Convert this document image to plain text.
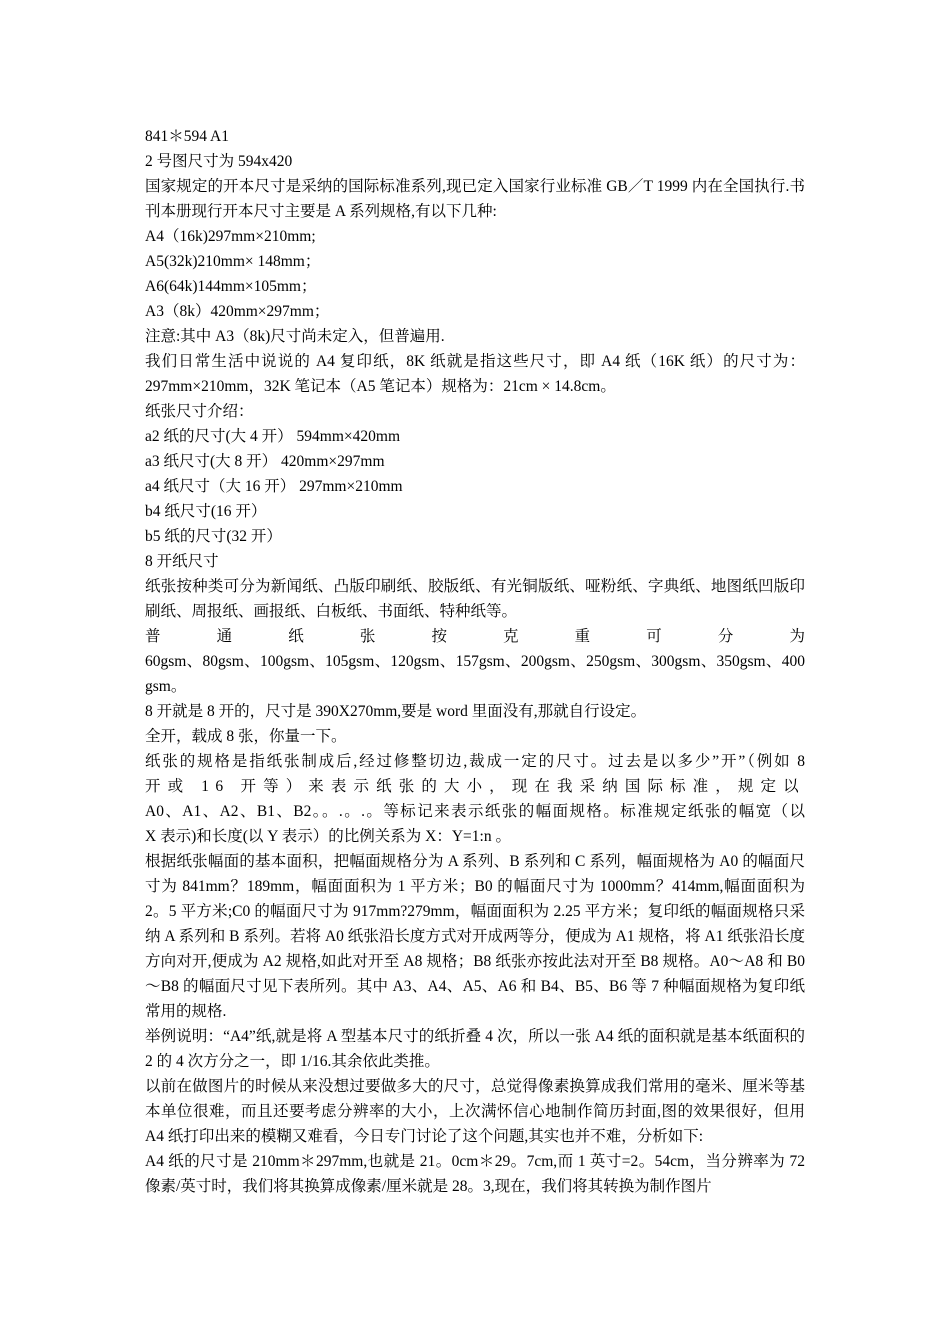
841＊594 A1

2 号图尺寸为 594x420

国家规定的开本尺寸是采纳的国际标准系列,现已定入国家行业标准 GB／T 1999 内在全国执行.书刊本册现行开本尺寸主要是 A 系列规格,有以下几种:

A4（16k)297mm×210mm;

A5(32k)210mm× 148mm；

A6(64k)144mm×105mm；

A3（8k）420mm×297mm；

注意:其中 A3（8k)尺寸尚未定入，但普遍用.

我们日常生活中说说的 A4 复印纸，8K 纸就是指这些尺寸，即 A4 纸（16K 纸）的尺寸为：297mm×210mm，32K 笔记本（A5 笔记本）规格为：21cm × 14.8cm。

纸张尺寸介绍：

a2 纸的尺寸(大 4 开） 594mm×420mm

a3 纸尺寸(大 8 开） 420mm×297mm

a4 纸尺寸（大 16 开） 297mm×210mm

b4 纸尺寸(16 开）

b5 纸的尺寸(32 开）

8 开纸尺寸

纸张按种类可分为新闻纸、凸版印刷纸、胶版纸、有光铜版纸、哑粉纸、字典纸、地图纸凹版印刷纸、周报纸、画报纸、白板纸、书面纸、特种纸等。

普通纸张按克重可分为

60gsm、80gsm、100gsm、105gsm、120gsm、157gsm、200gsm、250gsm、300gsm、350gsm、400gsm。

8 开就是 8 开的，尺寸是 390X270mm,要是 word 里面没有,那就自行设定。

全开，载成 8 张，你量一下。

纸张的规格是指纸张制成后,经过修整切边,裁成一定的尺寸。过去是以多少”开”（例如 8

开或 16 开等）来表示纸张的大小，现在我采纳国际标准，规定以

A0、A1、A2、B1、B2。。.。.。等标记来表示纸张的幅面规格。标准规定纸张的幅宽（以

X 表示)和长度(以 Y 表示）的比例关系为 X：Y=1:n 。

根据纸张幅面的基本面积，把幅面规格分为 A 系列、B 系列和 C 系列，幅面规格为 A0 的幅面尺寸为 841mm？189mm，幅面面积为 1 平方米；B0 的幅面尺寸为 1000mm？414mm,幅面面积为 2。5 平方米;C0 的幅面尺寸为 917mm?279mm，幅面面积为 2.25 平方米；复印纸的幅面规格只采纳 A 系列和 B 系列。若将 A0 纸张沿长度方式对开成两等分，便成为 A1 规格，将 A1 纸张沿长度方向对开,便成为 A2 规格,如此对开至 A8 规格；B8 纸张亦按此法对开至 B8 规格。A0～A8 和 B0～B8 的幅面尺寸见下表所列。其中 A3、A4、A5、A6 和 B4、B5、B6 等 7 种幅面规格为复印纸常用的规格.

举例说明：“A4”纸,就是将 A 型基本尺寸的纸折叠 4 次，所以一张 A4 纸的面积就是基本纸面积的 2 的 4 次方分之一，即 1/16.其余依此类推。

以前在做图片的时候从来没想过要做多大的尺寸，总觉得像素换算成我们常用的毫米、厘米等基本单位很难，而且还要考虑分辨率的大小，上次满怀信心地制作简历封面,图的效果很好，但用 A4 纸打印出来的模糊又难看，今日专门讨论了这个问题,其实也并不难，分析如下:

A4 纸的尺寸是 210mm＊297mm,也就是 21。0cm＊29。7cm,而 1 英寸=2。54cm，当分辨率为 72 像素/英寸时，我们将其换算成像素/厘米就是 28。3,现在，我们将其转换为制作图片
